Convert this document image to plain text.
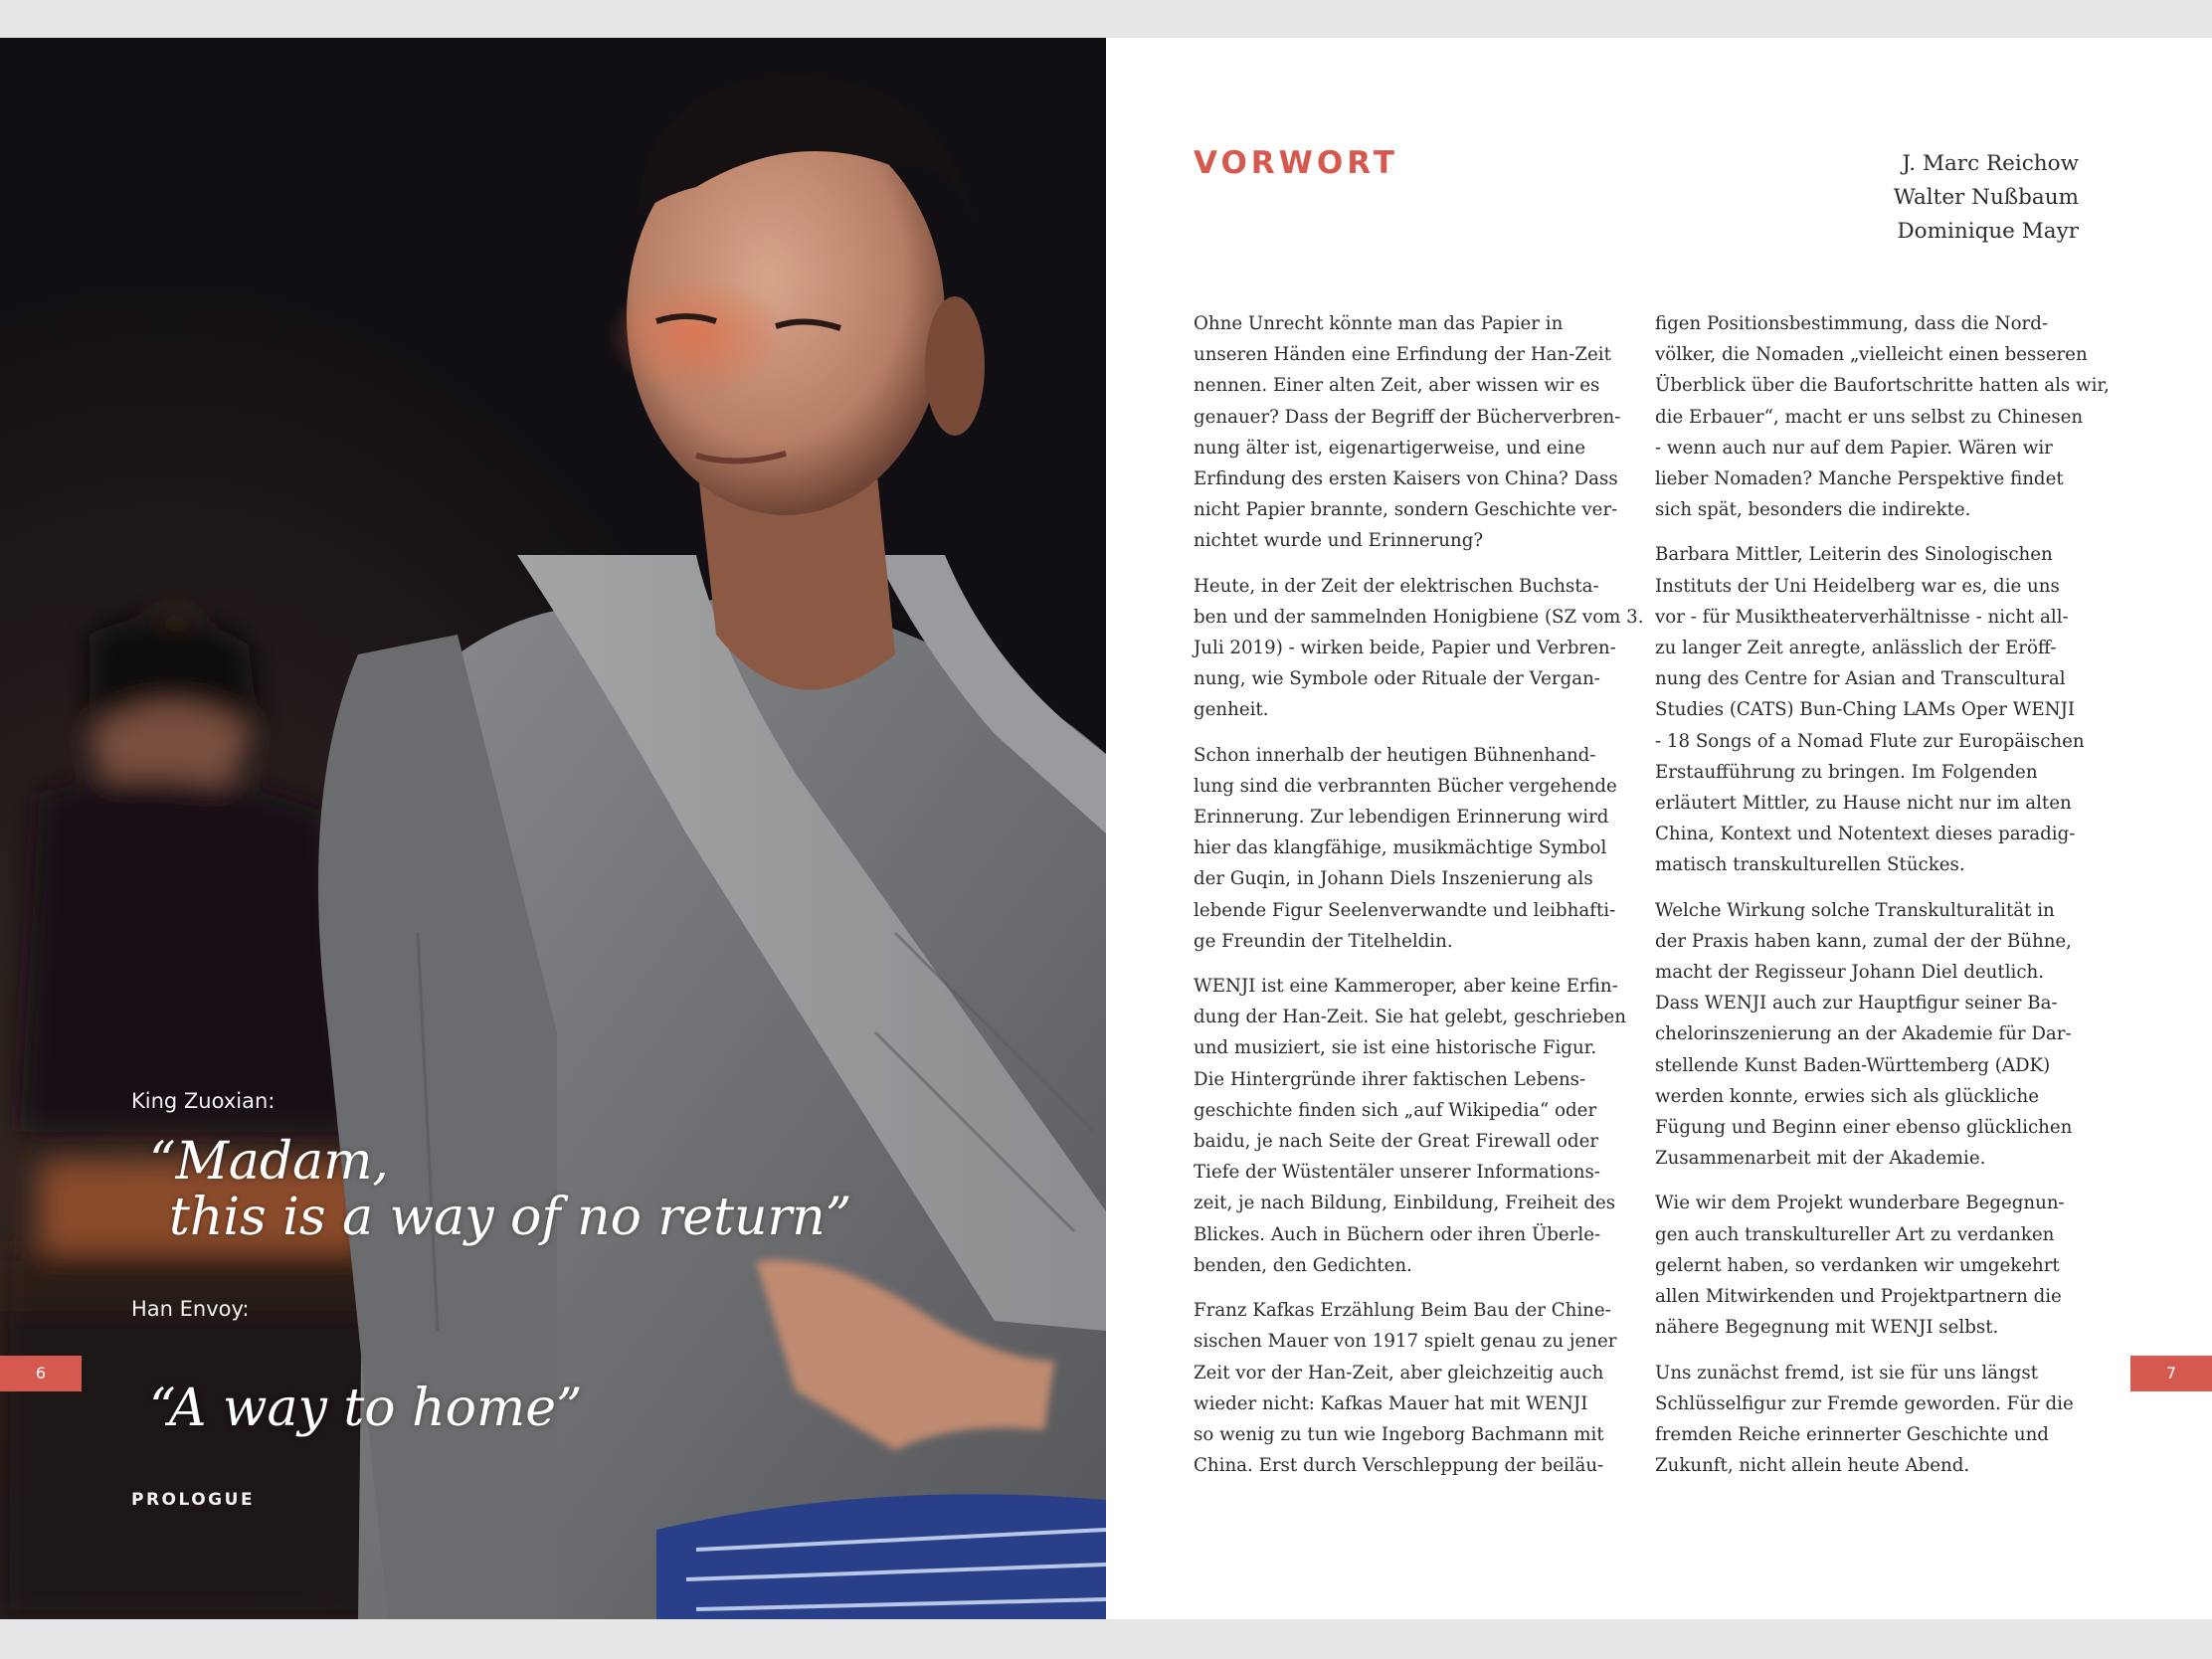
King Zuoxian:
“Madam,
this is a way of no return”
Han Envoy:
“A way to home”
PROLOGUE
6
VORWORT	J. Marc Reichow
Walter Nußbaum
Dominique Mayr

Ohne Unrecht könnte man das Papier in
unseren Händen eine Erfindung der Han-Zeit
nennen. Einer alten Zeit, aber wissen wir es
genauer? Dass der Begriff der Bücherverbren-
nung älter ist, eigenartigerweise, und eine
Erfindung des ersten Kaisers von China? Dass
nicht Papier brannte, sondern Geschichte ver-
nichtet wurde und Erinnerung?

Heute, in der Zeit der elektrischen Buchsta-
ben und der sammelnden Honigbiene (SZ vom 3.
Juli 2019) - wirken beide, Papier und Verbren-
nung, wie Symbole oder Rituale der Vergan-
genheit.

Schon innerhalb der heutigen Bühnenhand-
lung sind die verbrannten Bücher vergehende
Erinnerung. Zur lebendigen Erinnerung wird
hier das klangfähige, musikmächtige Symbol
der Guqin, in Johann Diels Inszenierung als
lebende Figur Seelenverwandte und leibhafti-
ge Freundin der Titelheldin.

WENJI ist eine Kammeroper, aber keine Erfin-
dung der Han-Zeit. Sie hat gelebt, geschrieben
und musiziert, sie ist eine historische Figur.
Die Hintergründe ihrer faktischen Lebens-
geschichte finden sich „auf Wikipedia“ oder
baidu, je nach Seite der Great Firewall oder
Tiefe der Wüstentäler unserer Informations-
zeit, je nach Bildung, Einbildung, Freiheit des
Blickes. Auch in Büchern oder ihren Überle-
benden, den Gedichten.

Franz Kafkas Erzählung Beim Bau der Chine-
sischen Mauer von 1917 spielt genau zu jener
Zeit vor der Han-Zeit, aber gleichzeitig auch
wieder nicht: Kafkas Mauer hat mit WENJI
so wenig zu tun wie Ingeborg Bachmann mit
China. Erst durch Verschleppung der beiläu-

figen Positionsbestimmung, dass die Nord-
völker, die Nomaden „vielleicht einen besseren
Überblick über die Baufortschritte hatten als wir,
die Erbauer“, macht er uns selbst zu Chinesen
- wenn auch nur auf dem Papier. Wären wir
lieber Nomaden? Manche Perspektive findet
sich spät, besonders die indirekte.

Barbara Mittler, Leiterin des Sinologischen
Instituts der Uni Heidelberg war es, die uns
vor - für Musiktheaterverhältnisse - nicht all-
zu langer Zeit anregte, anlässlich der Eröff-
nung des Centre for Asian and Transcultural
Studies (CATS) Bun-Ching LAMs Oper WENJI
- 18 Songs of a Nomad Flute zur Europäischen
Erstaufführung zu bringen. Im Folgenden
erläutert Mittler, zu Hause nicht nur im alten
China, Kontext und Notentext dieses paradig-
matisch transkulturellen Stückes.

Welche Wirkung solche Transkulturalität in
der Praxis haben kann, zumal der der Bühne,
macht der Regisseur Johann Diel deutlich.
Dass WENJI auch zur Hauptfigur seiner Ba-
chelorinszenierung an der Akademie für Dar-
stellende Kunst Baden-Württemberg (ADK)
werden konnte, erwies sich als glückliche
Fügung und Beginn einer ebenso glücklichen
Zusammenarbeit mit der Akademie.

Wie wir dem Projekt wunderbare Begegnun-
gen auch transkultureller Art zu verdanken
gelernt haben, so verdanken wir umgekehrt
allen Mitwirkenden und Projektpartnern die
nähere Begegnung mit WENJI selbst.

Uns zunächst fremd, ist sie für uns längst
Schlüsselfigur zur Fremde geworden. Für die
fremden Reiche erinnerter Geschichte und
Zukunft, nicht allein heute Abend.

7
